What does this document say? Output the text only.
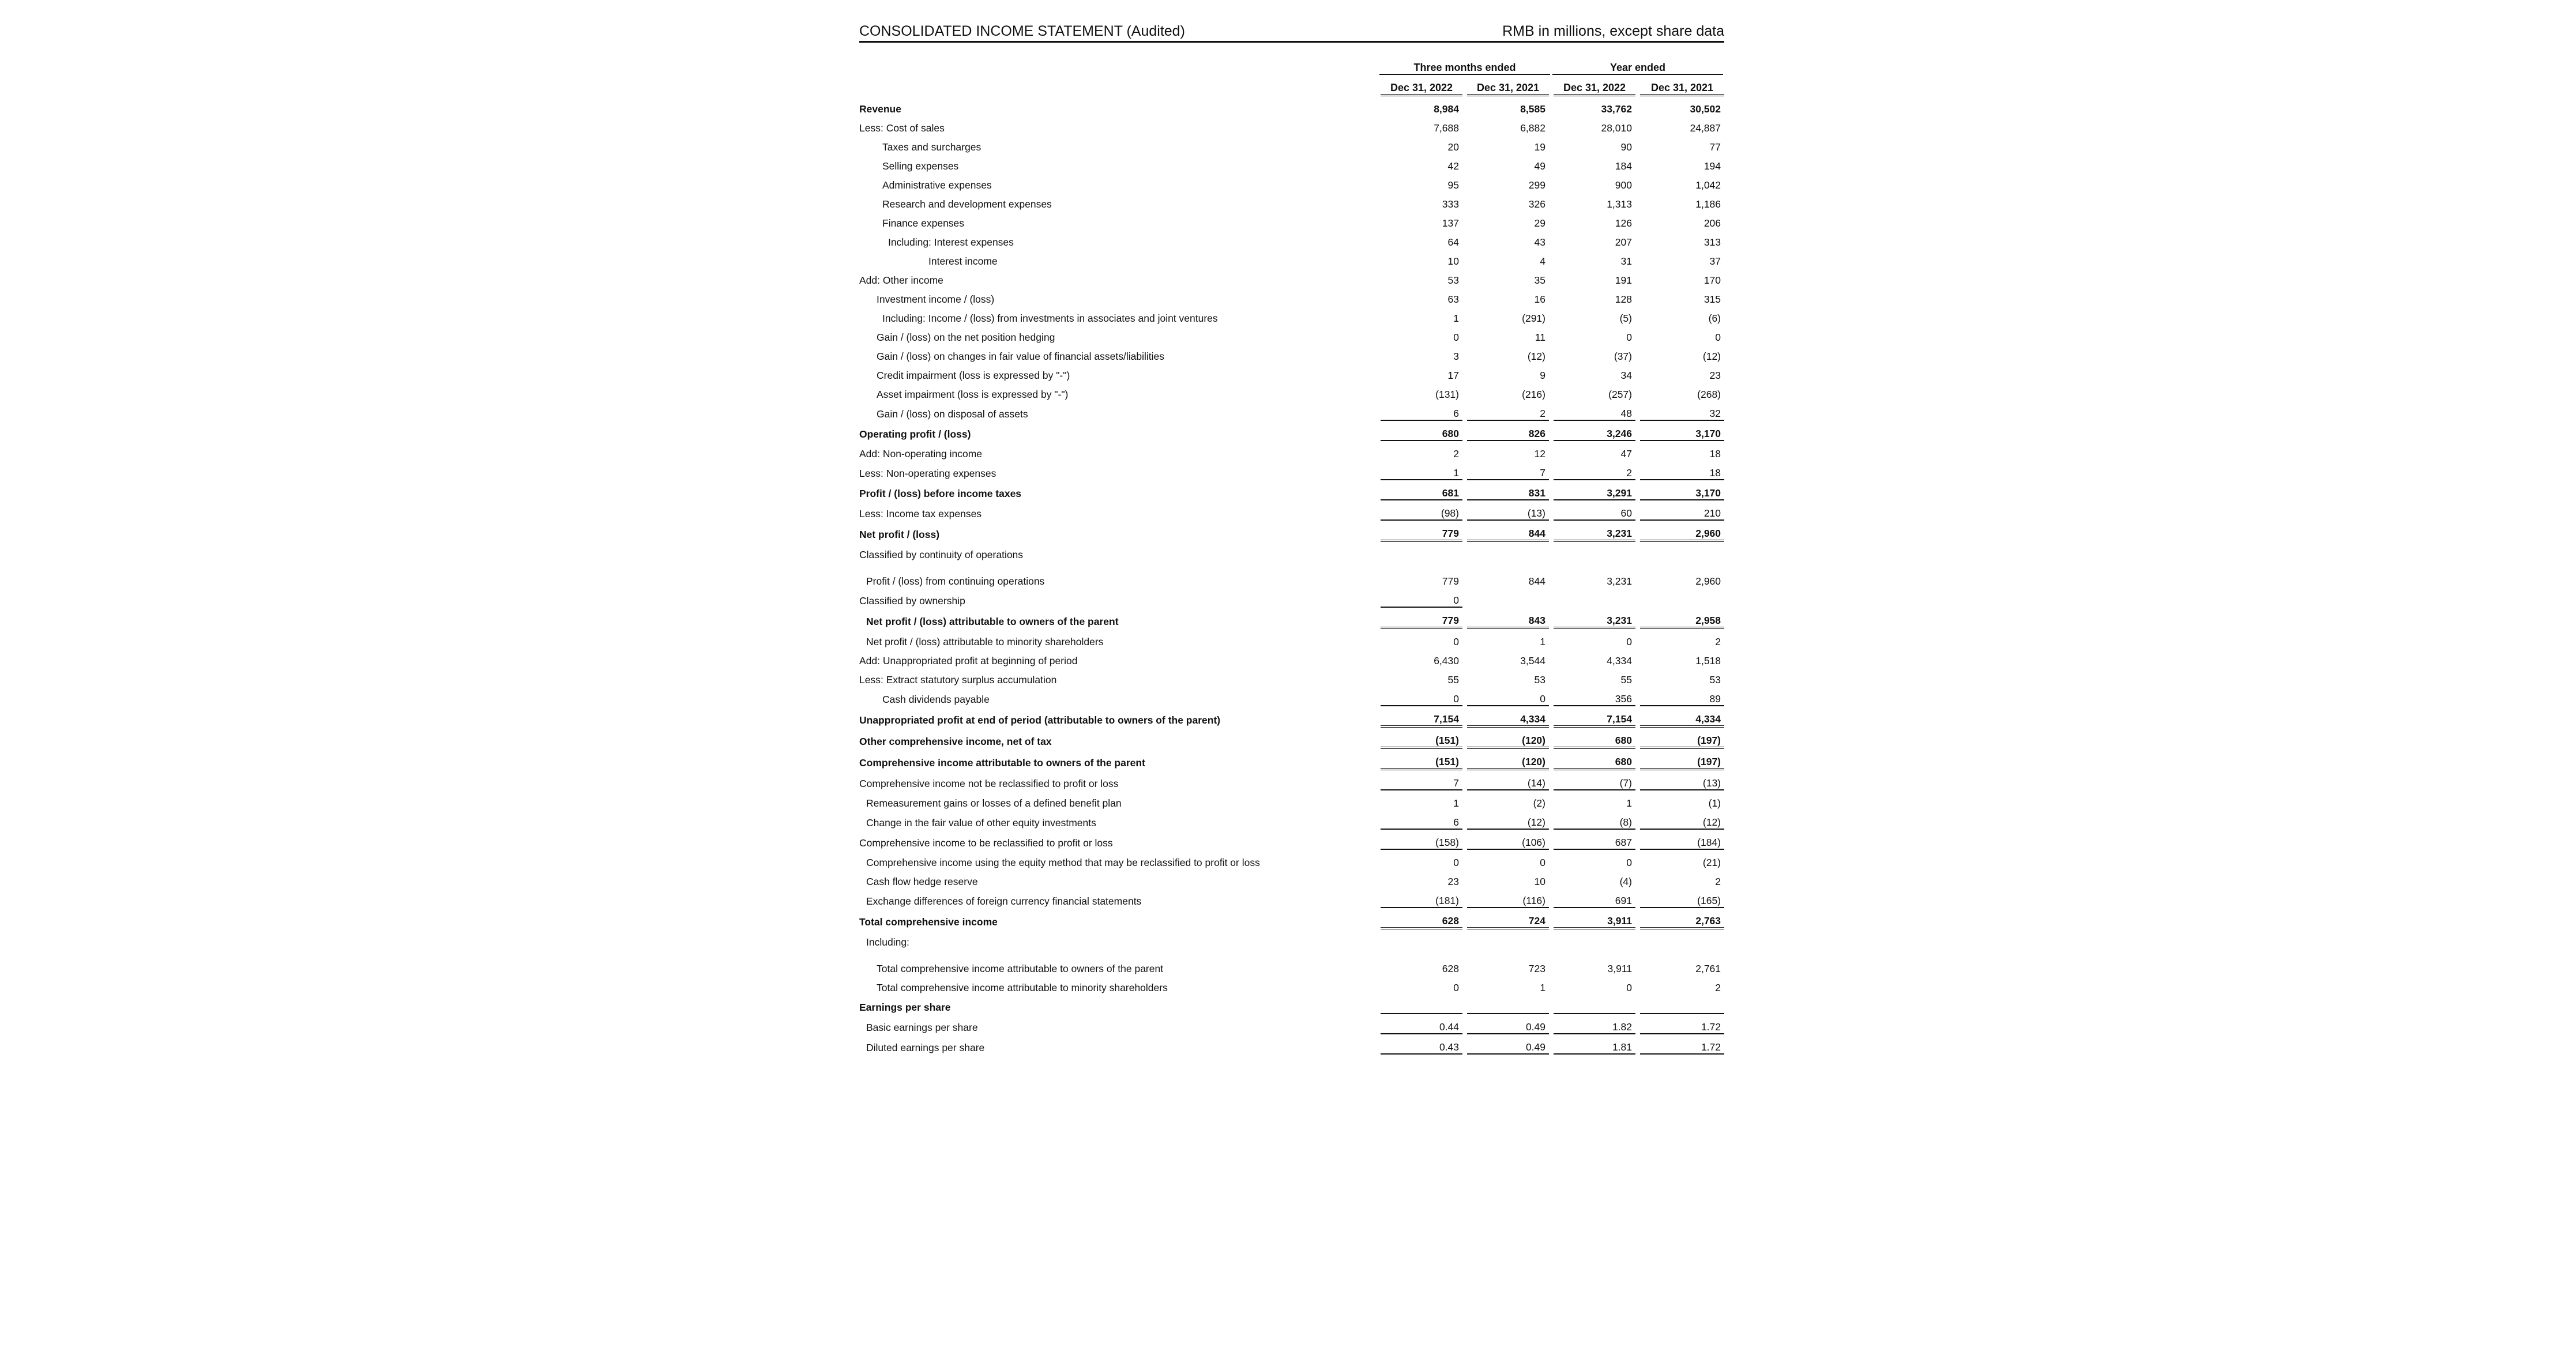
CONSOLIDATED INCOME STATEMENT (Audited)	RMB in millions, except share data

	Three months ended		Year ended	

	Dec 31, 2022	Dec 31, 2021	Dec 31, 2022	Dec 31, 2021
Revenue	8,984	8,585	33,762	30,502
Less: Cost of sales	7,688	6,882	28,010	24,887
Taxes and surcharges	20	19	90	77
Selling expenses	42	49	184	194
Administrative expenses	95	299	900	1,042
Research and development expenses	333	326	1,313	1,186
Finance expenses	137	29	126	206
Including: Interest expenses	64	43	207	313
Interest income	10	4	31	37
Add: Other income	53	35	191	170
Investment income / (loss)	63	16	128	315
Including: Income / (loss) from investments in associates and joint ventures	1	(291)	(5)	(6)
Gain / (loss) on the net position hedging	0	11	0	0
Gain / (loss) on changes in fair value of financial assets/liabilities	3	(12)	(37)	(12)
Credit impairment (loss is expressed by "-")	17	9	34	23
Asset impairment (loss is expressed by "-")	(131)	(216)	(257)	(268)
Gain / (loss) on disposal of assets	6	2	48	32
Operating profit / (loss)	680	826	3,246	3,170
Add: Non-operating income	2	12	47	18
Less: Non-operating expenses	1	7	2	18
Profit / (loss) before income taxes	681	831	3,291	3,170
Less: Income tax expenses	(98)	(13)	60	210
Net profit / (loss)	779	844	3,231	2,960
Classified by continuity of operations				
Profit / (loss) from continuing operations	779	844	3,231	2,960
Classified by ownership	0			
Net profit / (loss) attributable to owners of the parent	779	843	3,231	2,958
Net profit / (loss) attributable to minority shareholders	0	1	0	2
Add: Unappropriated profit at beginning of period	6,430	3,544	4,334	1,518
Less: Extract statutory surplus accumulation	55	53	55	53
Cash dividends payable	0	0	356	89
Unappropriated profit at end of period (attributable to owners of the parent)	7,154	4,334	7,154	4,334
Other comprehensive income, net of tax	(151)	(120)	680	(197)
Comprehensive income attributable to owners of the parent	(151)	(120)	680	(197)
Comprehensive income not be reclassified to profit or loss	7	(14)	(7)	(13)
Remeasurement gains or losses of a defined benefit plan	1	(2)	1	(1)
Change in the fair value of other equity investments	6	(12)	(8)	(12)
Comprehensive income to be reclassified to profit or loss	(158)	(106)	687	(184)
Comprehensive income using the equity method that may be reclassified to profit or loss	0	0	0	(21)
Cash flow hedge reserve	23	10	(4)	2
Exchange differences of foreign currency financial statements	(181)	(116)	691	(165)
Total comprehensive income	628	724	3,911	2,763
Including:				
Total comprehensive income attributable to owners of the parent	628	723	3,911	2,761
Total comprehensive income attributable to minority shareholders	0	1	0	2
Earnings per share				
Basic earnings per share	0.44	0.49	1.82	1.72
Diluted earnings per share	0.43	0.49	1.81	1.72
